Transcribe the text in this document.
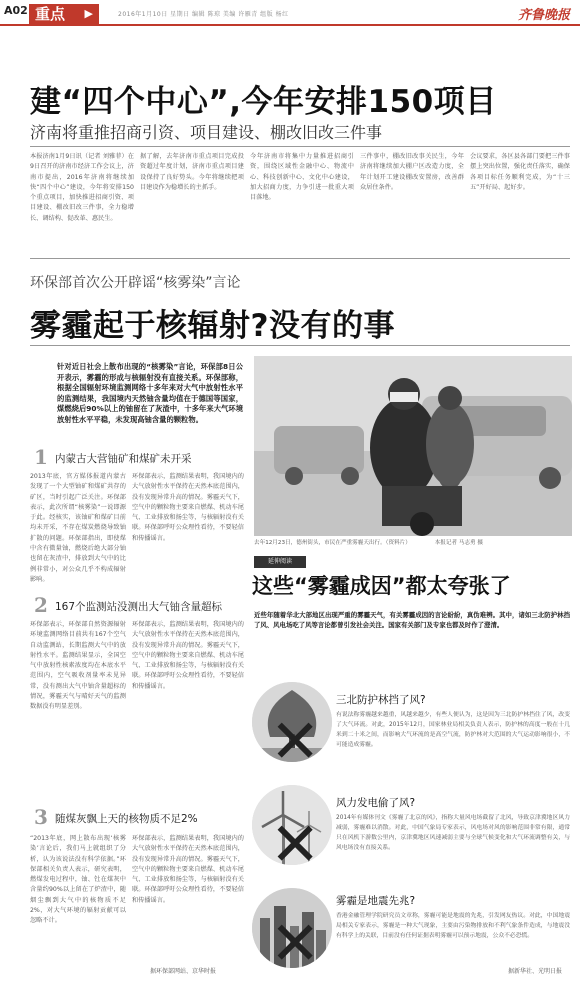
A02 重点 ▶	2016年1月10日 星期日 编辑 陈琼 美编 许雁青 组版 杨红	齐鲁晚报
建“四个中心”,今年安排150项目
济南将重推招商引资、项目建设、棚改旧改三件事
本报济南1月9日讯（记者 刘雅菲）在9日召开的济南市经济工作会议上，济南市提出，2016年济南将继续加快“四个中心”建设，今年将安排150个重点项目，加快推进招商引资、项目建设、棚改旧改三件事，全力稳增长、调结构、促改革、惠民生。
据了解，去年济南市重点项目完成投资超过年度计划，济南市重点项目建设保持了良好势头。今年将继续把项目建设作为稳增长的主抓手。
今年济南市将集中力量推进招商引资，围绕区域性金融中心、物流中心、科技创新中心、文化中心建设，加大招商力度，力争引进一批重大项目落地。
三件事中，棚改旧改事关民生，今年济南将继续加大棚户区改造力度，全年计划开工建设棚改安置房，改善群众居住条件。
会议要求，各区县各部门要把三件事摆上突出位置，强化责任落实，确保各项目标任务顺利完成，为“十三五”开好局、起好步。
环保部首次公开辟谣“核雾染”言论
雾霾起于核辐射?没有的事
针对近日社会上散布出现的“核雾染”言论，环保部8日公开表示，雾霾的形成与核辐射没有直接关系。环保部称，根据全国辐射环境监测网络十多年来对大气中放射性水平的监测结果，我国境内天然铀含量均值在于德国等国家，煤燃烧后90%以上的铀留在了灰渣中，十多年来大气环境放射性水平平稳，未发现高铀含量的颗粒物。
1 内蒙古大营铀矿和煤矿未开采
2013年底，官方媒体报道内蒙古发现了一个大型铀矿和煤矿共存的矿区，当时引起广泛关注。环保部表示，此次所谓“核雾染”一说即源于此。经核实，该铀矿和煤矿目前均未开采，不存在煤炭燃烧导致铀扩散的问题。环保部指出，即使煤中含有微量铀，燃烧后绝大部分铀也留在灰渣中，排放到大气中的比例非常小，对公众几乎不构成辐射影响。
环保部表示，监测结果表明，我国境内的大气放射性水平保持在天然本底范围内，没有发现异常升高的情况。雾霾天气下，空气中的颗粒物主要来自燃煤、机动车尾气、工业排放和扬尘等，与核辐射没有关联。环保部呼吁公众理性看待，不要轻信和传播谣言。
2 167个监测站没测出大气铀含量超标
环保部表示，环保部自然资源辐射环境监测网络目前共有167个空气自动监测站，长期监测大气中的放射性水平。监测结果显示，全国空气中放射性核素浓度均在本底水平范围内，空气吸收剂量率未见异常，没有测出大气中铀含量超标的情况，雾霾天气与晴好天气的监测数据没有明显差别。
环保部表示，监测结果表明，我国境内的大气放射性水平保持在天然本底范围内，没有发现异常升高的情况。雾霾天气下，空气中的颗粒物主要来自燃煤、机动车尾气、工业排放和扬尘等，与核辐射没有关联。环保部呼吁公众理性看待，不要轻信和传播谣言。
3 随煤灰飘上天的核物质不足2%
“2013年底，网上散布出现‘核雾染’言论后，我们马上就组织了分析，认为该说法没有科学依据。”环保部相关负责人表示，研究表明，燃煤发电过程中，铀、钍在煤灰中含量约90%以上留在了炉渣中，随烟尘飘到大气中的核物质不足2%，对大气环境的辐射贡献可以忽略不计。
环保部表示，监测结果表明，我国境内的大气放射性水平保持在天然本底范围内，没有发现异常升高的情况。雾霾天气下，空气中的颗粒物主要来自燃煤、机动车尾气、工业排放和扬尘等，与核辐射没有关联。环保部呼吁公众理性看待，不要轻信和传播谣言。
据环保部网站、京华时报
去年12月23日，德州街头，市民在严重雾霾天出行。（资料片）	本报记者 马志勇 摄
延伸阅读
这些“雾霾成因”都太夸张了
近些年随着华北大部地区出现严重的雾霾天气，有关雾霾成因的言论紛紛，真伪难辨。其中，诸如三北防护林挡了风、风电场吃了风等言论都曾引发社会关注。国家有关部门及专家也都及时作了澄清。
✕
三北防护林挡了风?
有说法称雾霾越来越重，风越来越少，有些人便认为，这是因为三北防护林挡住了风，改变了大气环流。对此，2015年12月，国家林业局相关负责人表示，防护林的高度一般在十几米到二十米之间，而影响大气环流的是高空气流，防护林对大范围的大气运动影响很小，不可能造成雾霾。
✕
风力发电偷了风?
2014年有媒体刊文《雾霾了北京的风》，指称大量风电场截留了北风，导致京津冀地区风力减弱，雾霾难以消散。对此，中国气象局专家表示，风电场对风的影响范围非常有限，通常只在风机下游数公里内，京津冀地区风速减弱主要与全球气候变化和大气环流调整有关，与风电场没有直接关系。
✕
雾霾是地震先兆?
香港金融管理学院研究员文章称，雾霾可能是地震的先兆，引发网友热议。对此，中国地震局相关专家表示，雾霾是一种大气现象，主要由污染物排放和不利气象条件造成，与地震没有科学上的关联，目前没有任何证据表明雾霾可以预示地震，公众不必恐慌。
据新华社、光明日报
